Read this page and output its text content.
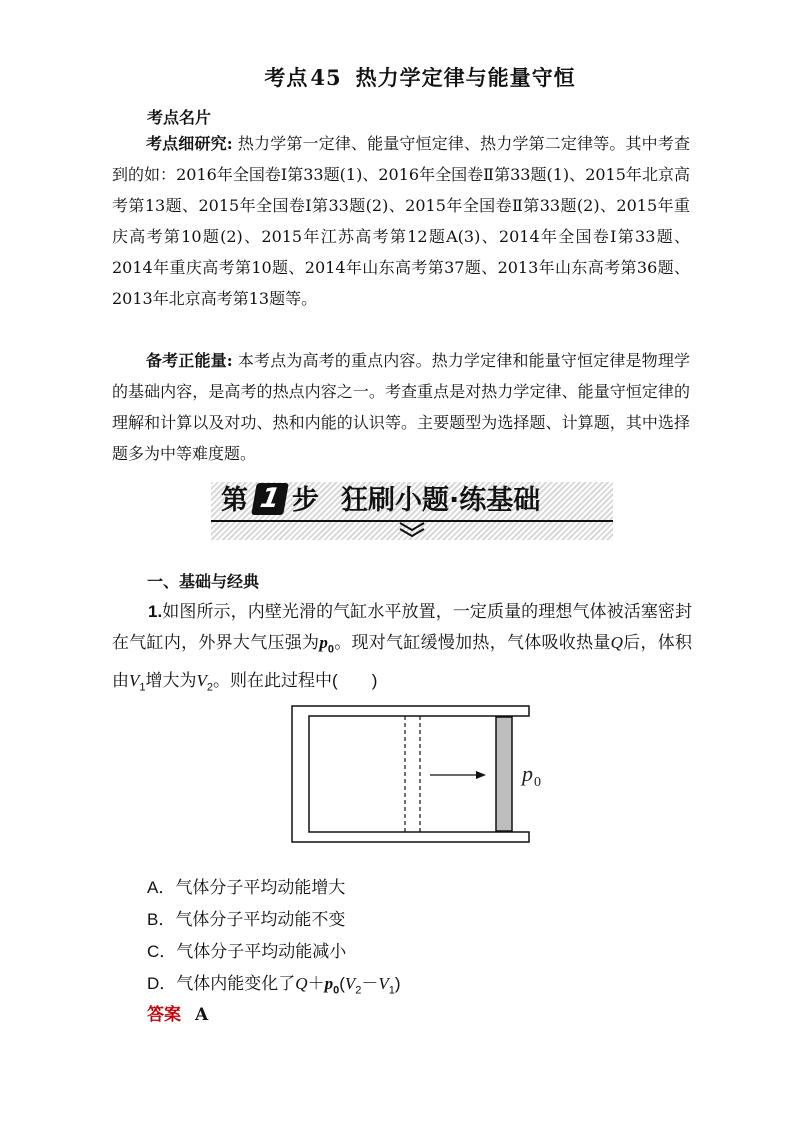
考点45 热力学定律与能量守恒
考点名片
考点细研究: 热力学第一定律、能量守恒定律、热力学第二定律等。其中考查到的如：2016年全国卷Ⅰ第33题(1)、2016年全国卷Ⅱ第33题(1)、2015年北京高考第13题、2015年全国卷Ⅰ第33题(2)、2015年全国卷Ⅱ第33题(2)、2015年重庆高考第10题(2)、2015年江苏高考第12题A(3)、2014年全国卷Ⅰ第33题、2014年重庆高考第10题、2014年山东高考第37题、2013年山东高考第36题、2013年北京高考第13题等。
备考正能量: 本考点为高考的重点内容。热力学定律和能量守恒定律是物理学的基础内容，是高考的热点内容之一。考查重点是对热力学定律、能量守恒定律的理解和计算以及对功、热和内能的认识等。主要题型为选择题、计算题，其中选择题多为中等难度题。
第 1 步 狂刷小题·练基础
一、基础与经典
1.如图所示，内壁光滑的气缸水平放置，一定质量的理想气体被活塞密封在气缸内，外界大气压强为$p_0$。现对气缸缓慢加热，气体吸收热量Q后，体积由$V_1$增大为$V_2$。则在此过程中(　　)
p 0
A．气体分子平均动能增大
B．气体分子平均动能不变
C．气体分子平均动能减小
D．气体内能变化了$Q+p_0(V_2-V_1)$
答案 A
